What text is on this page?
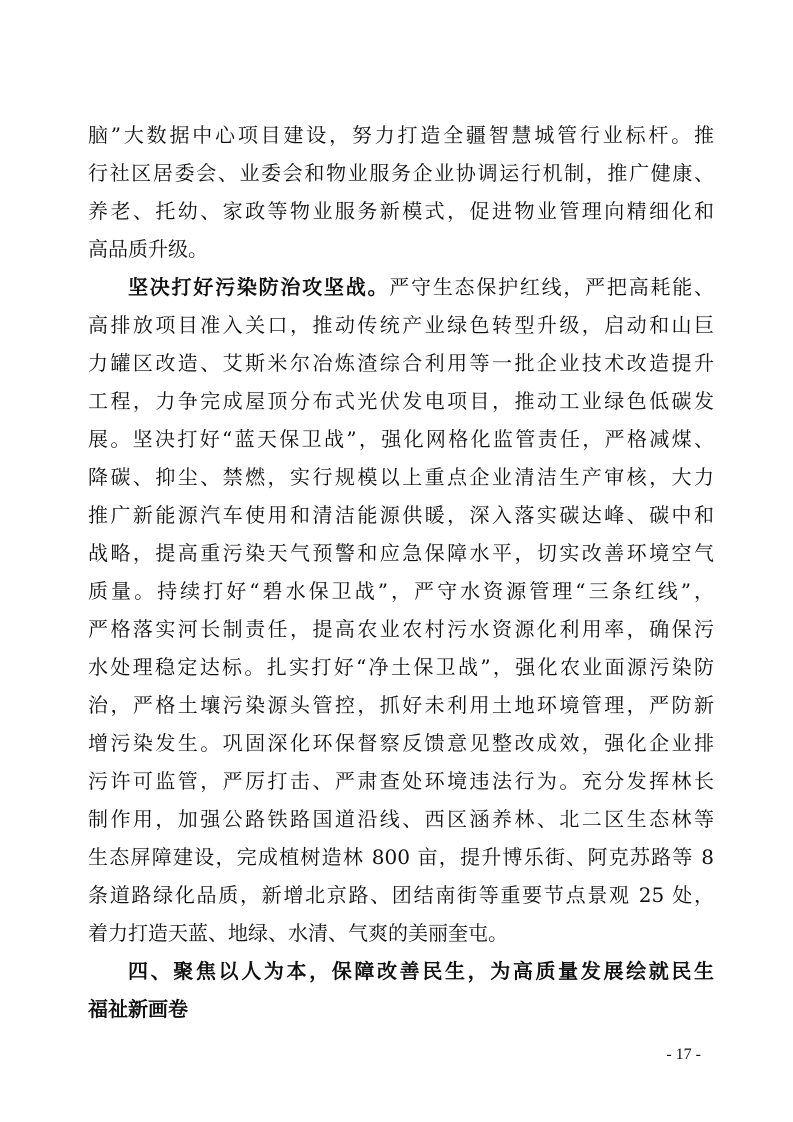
脑”大数据中心项目建设，努力打造全疆智慧城管行业标杆。推
行社区居委会、业委会和物业服务企业协调运行机制，推广健康、
养老、托幼、家政等物业服务新模式，促进物业管理向精细化和
高品质升级。
坚决打好污染防治攻坚战。严守生态保护红线，严把高耗能、
高排放项目准入关口，推动传统产业绿色转型升级，启动和山巨
力罐区改造、艾斯米尔冶炼渣综合利用等一批企业技术改造提升
工程，力争完成屋顶分布式光伏发电项目，推动工业绿色低碳发
展。坚决打好“蓝天保卫战”，强化网格化监管责任，严格减煤、
降碳、抑尘、禁燃，实行规模以上重点企业清洁生产审核，大力
推广新能源汽车使用和清洁能源供暖，深入落实碳达峰、碳中和
战略，提高重污染天气预警和应急保障水平，切实改善环境空气
质量。持续打好“碧水保卫战”，严守水资源管理“三条红线”，
严格落实河长制责任，提高农业农村污水资源化利用率，确保污
水处理稳定达标。扎实打好“净土保卫战”，强化农业面源污染防
治，严格土壤污染源头管控，抓好未利用土地环境管理，严防新
增污染发生。巩固深化环保督察反馈意见整改成效，强化企业排
污许可监管，严厉打击、严肃查处环境违法行为。充分发挥林长
制作用，加强公路铁路国道沿线、西区涵养林、北二区生态林等
生态屏障建设，完成植树造林 800 亩，提升博乐街、阿克苏路等 8
条道路绿化品质，新增北京路、团结南街等重要节点景观 25 处，
着力打造天蓝、地绿、水清、气爽的美丽奎屯。
四、聚焦以人为本，保障改善民生，为高质量发展绘就民生
福祉新画卷
- 17 -
